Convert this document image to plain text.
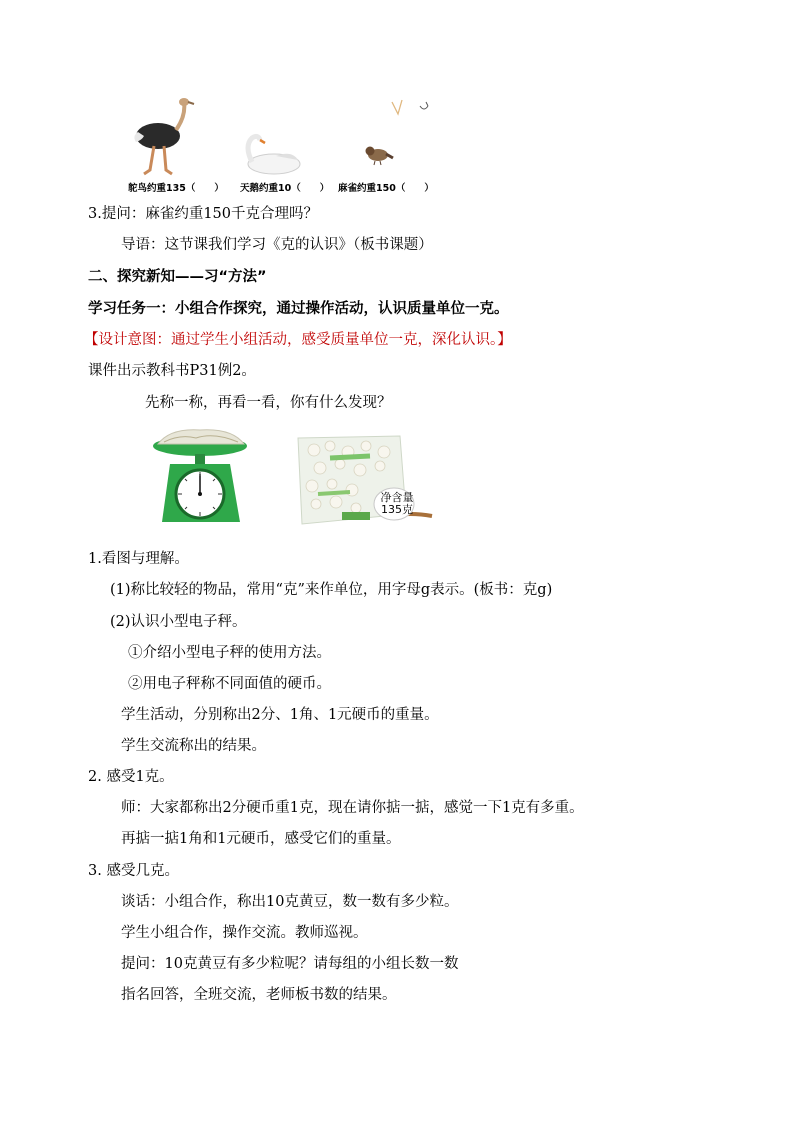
鸵鸟约重135（　　） 天鹅约重10（　　） 麻雀约重150（　　）
3.提问：麻雀约重150千克合理吗？
导语：这节课我们学习《克的认识》（板书课题）
二、探究新知——习“方法”
学习任务一：小组合作探究，通过操作活动，认识质量单位一克。
【设计意图：通过学生小组活动，感受质量单位一克，深化认识。】
课件出示教科书P31例2。
先称一称，再看一看，你有什么发现？
净含量
135克
1.看图与理解。
(1)称比较轻的物品，常用“克”来作单位，用字母g表示。(板书：克g)
(2)认识小型电子秤。
①介绍小型电子秤的使用方法。
②用电子秤称不同面值的硬币。
学生活动，分别称出2分、1角、1元硬币的重量。
学生交流称出的结果。
2. 感受1克。
师：大家都称出2分硬币重1克，现在请你掂一掂，感觉一下1克有多重。
再掂一掂1角和1元硬币，感受它们的重量。
3. 感受几克。
谈话：小组合作，称出10克黄豆，数一数有多少粒。
学生小组合作，操作交流。教师巡视。
提问：10克黄豆有多少粒呢？请每组的小组长数一数
指名回答，全班交流，老师板书数的结果。
